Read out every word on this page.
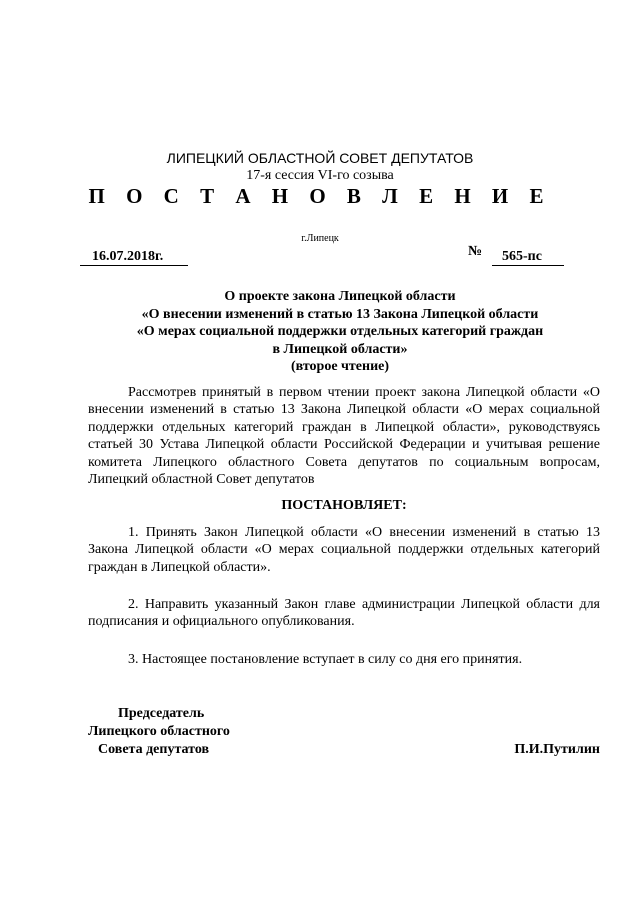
ЛИПЕЦКИЙ ОБЛАСТНОЙ СОВЕТ ДЕПУТАТОВ
17-я сессия VI-го созыва
П О С Т А Н О В Л Е Н И Е
г.Липецк
16.07.2018г.	№	565-пс
О проекте закона Липецкой области
«О внесении изменений в статью 13 Закона Липецкой области
«О мерах социальной поддержки отдельных категорий граждан
в Липецкой области»
(второе чтение)
Рассмотрев принятый в первом чтении проект закона Липецкой области «О внесении изменений в статью 13 Закона Липецкой области «О мерах социальной поддержки отдельных категорий граждан в Липецкой области», руководствуясь статьей 30 Устава Липецкой области Российской Федерации и учитывая решение комитета Липецкого областного Совета депутатов по социальным вопросам, Липецкий областной Совет депутатов
ПОСТАНОВЛЯЕТ:
1. Принять Закон Липецкой области «О внесении изменений в статью 13 Закона Липецкой области «О мерах социальной поддержки отдельных категорий граждан в Липецкой области».
2. Направить указанный Закон главе администрации Липецкой области для подписания и официального опубликования.
3. Настоящее постановление вступает в силу со дня его принятия.
Председатель
Липецкого областного
Совета депутатов	П.И.Путилин
